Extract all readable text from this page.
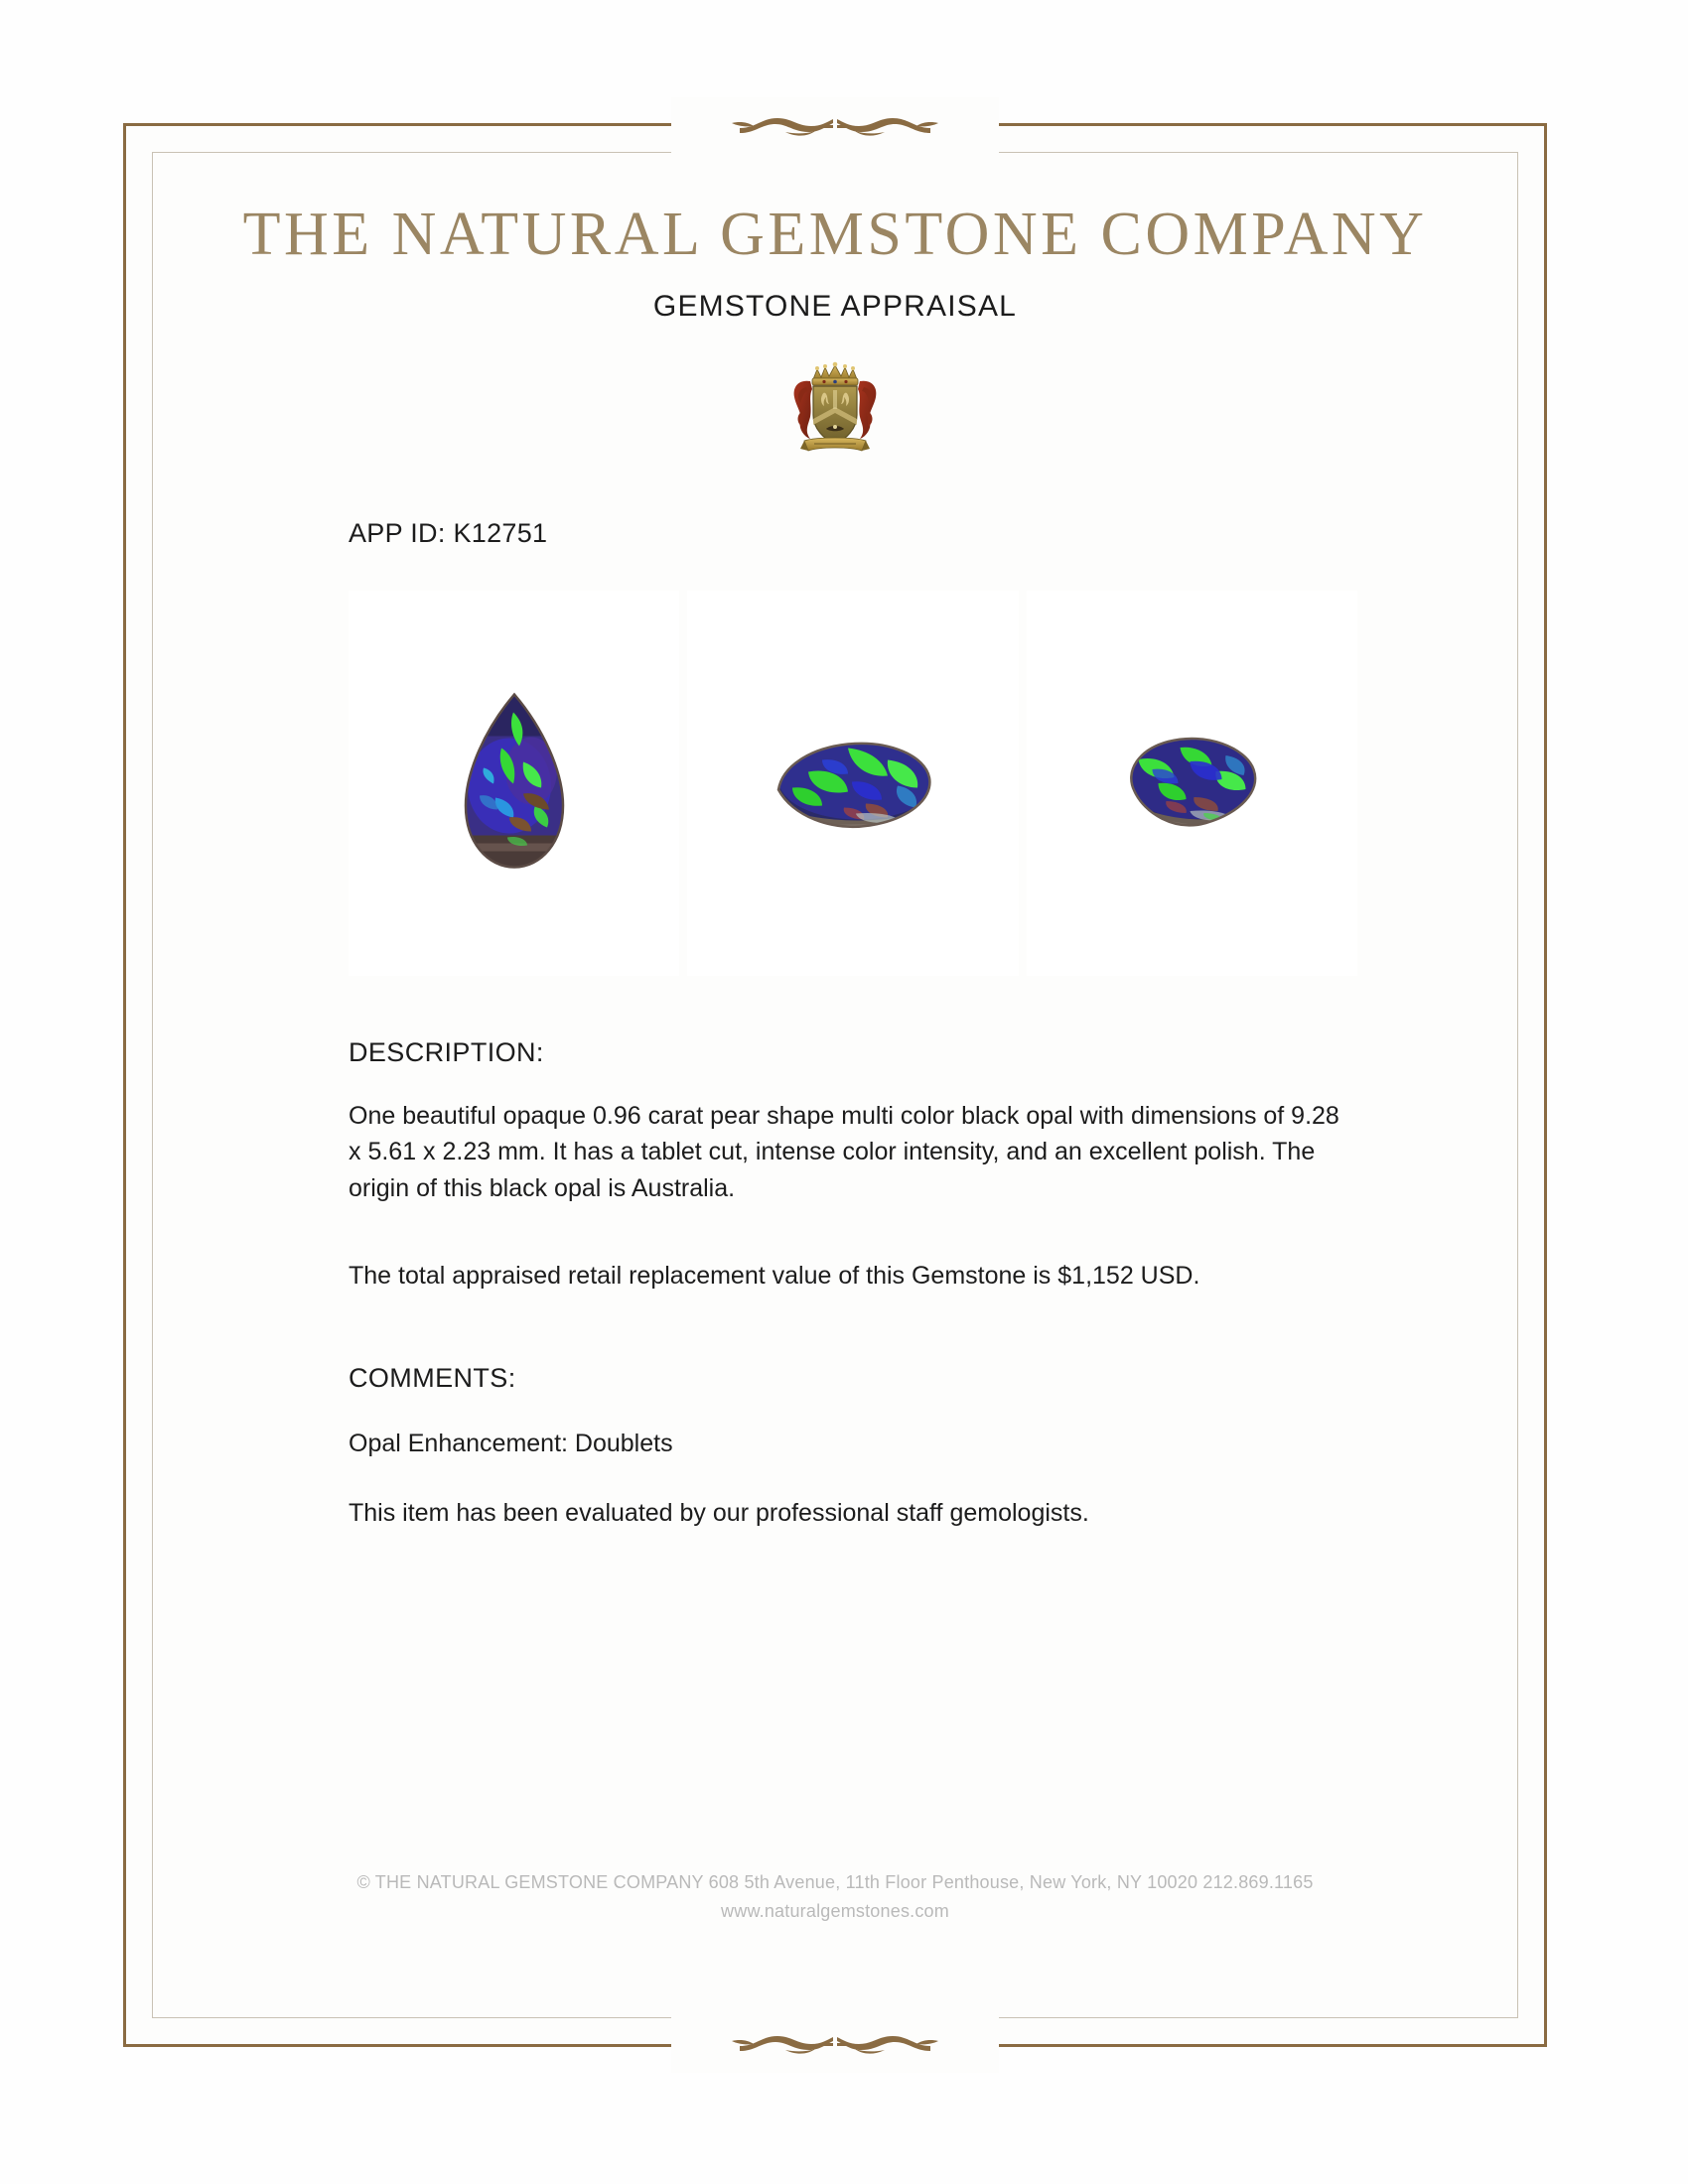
THE NATURAL GEMSTONE COMPANY
GEMSTONE APPRAISAL
APP ID: K12751
DESCRIPTION:
One beautiful opaque 0.96 carat pear shape multi color black opal with dimensions of 9.28 x 5.61 x 2.23 mm. It has a tablet cut, intense color intensity, and an excellent polish. The origin of this black opal is Australia.
The total appraised retail replacement value of this Gemstone is $1,152 USD.
COMMENTS:
Opal Enhancement: Doublets
This item has been evaluated by our professional staff gemologists.
© THE NATURAL GEMSTONE COMPANY 608 5th Avenue, 11th Floor Penthouse, New York, NY 10020 212.869.1165
www.naturalgemstones.com
